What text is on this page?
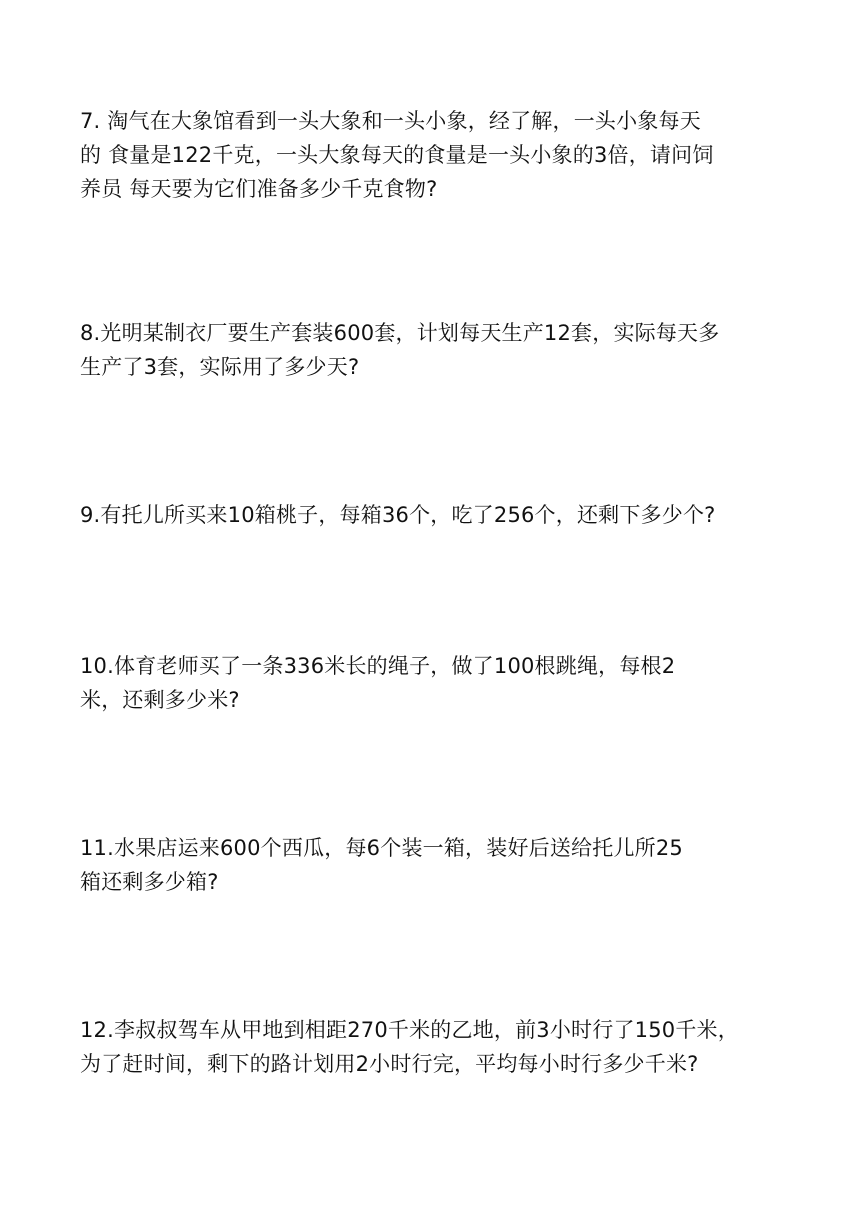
7. 淘气在大象馆看到一头大象和一头小象，经了解，一头小象每天
的 食量是122千克，一头大象每天的食量是一头小象的3倍，请问饲
养员 每天要为它们准备多少千克食物?
8.光明某制衣厂要生产套装600套，计划每天生产12套，实际每天多
生产了3套，实际用了多少天?
9.有托儿所买来10箱桃子，每箱36个，吃了256个，还剩下多少个?
10.体育老师买了一条336米长的绳子，做了100根跳绳，每根2
米，还剩多少米?
11.水果店运来600个西瓜，每6个装一箱，装好后送给托儿所25
箱还剩多少箱?
12.李叔叔驾车从甲地到相距270千米的乙地，前3小时行了150千米，
为了赶时间，剩下的路计划用2小时行完，平均每小时行多少千米?
